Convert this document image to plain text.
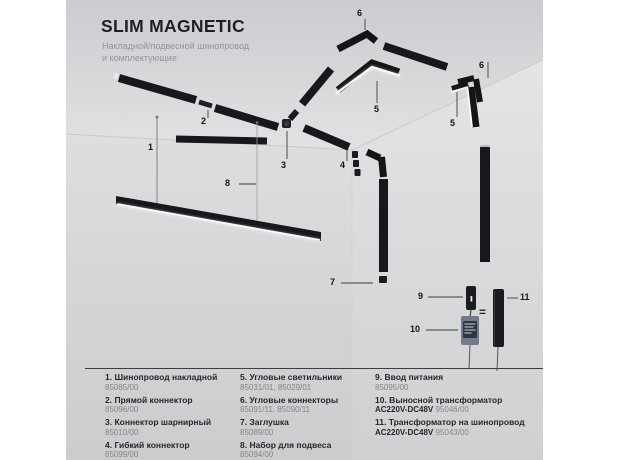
SLIM MAGNETIC

Накладной/подвесной шинопровод
и комплектующие

1
2
3	4
5
5
6
6
7
8
9
10
11
=
1. Шинопровод накладной
85085/00
2. Прямой коннектор
85096/00
3. Коннектор шарнирный
85010/00
4. Гибкий коннектор
85099/00
5. Угловые светильники
85031/01, 85029/01
6. Угловые коннекторы
85091/11, 85090/11
7. Заглушка
85089/00
8. Набор для подвеса
85094/00
9. Ввод питания
85095/00
10. Выносной трансформатор
AC220V-DC48V 95046/00
11. Трансформатор на шинопровод
AC220V-DC48V 95043/00
